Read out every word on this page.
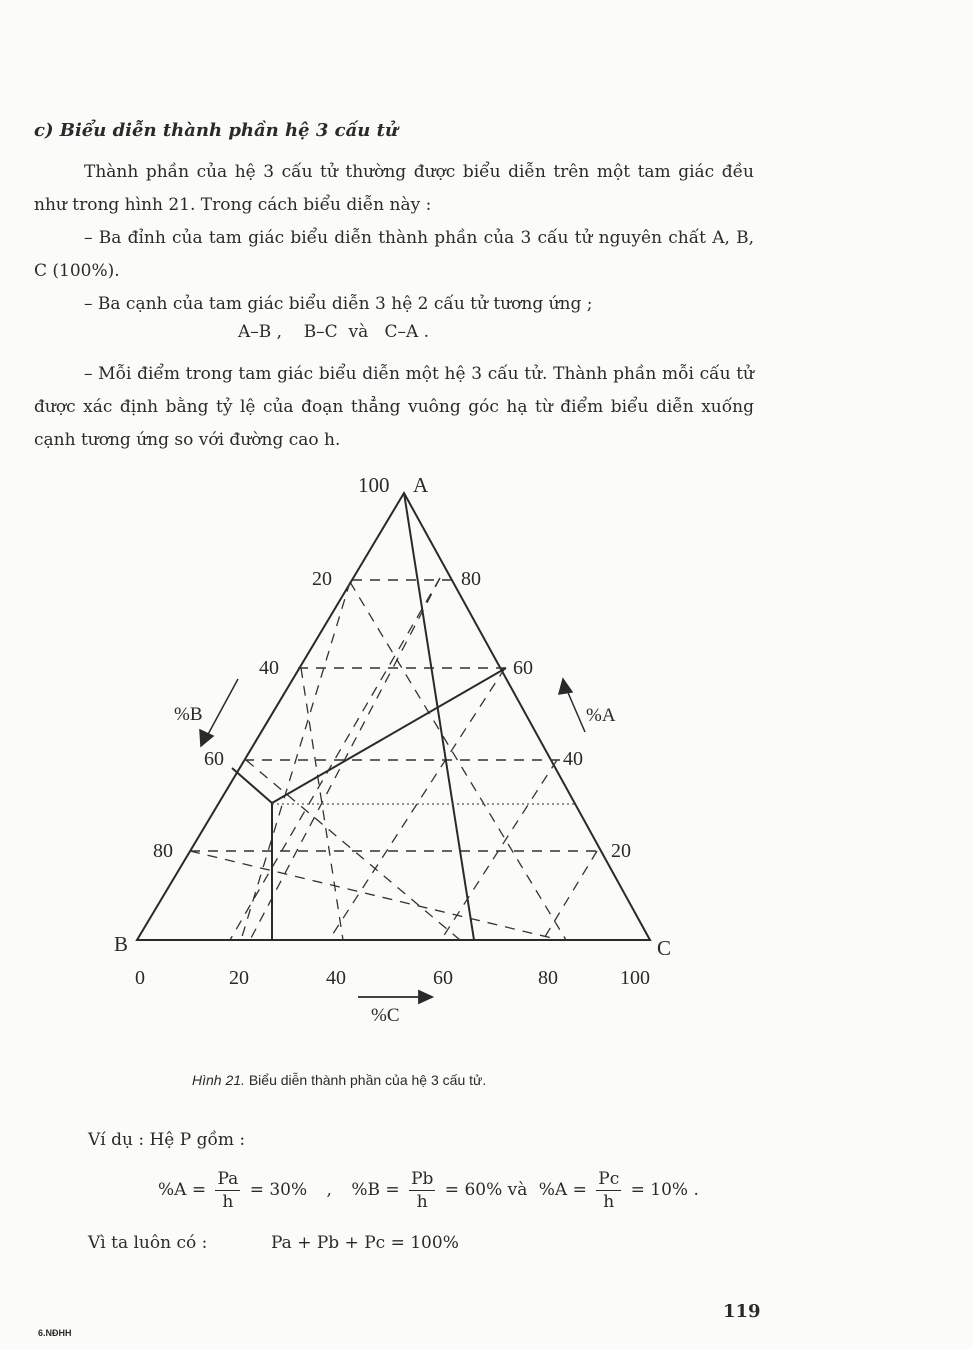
c) Biểu diễn thành phần hệ 3 cấu tử
Thành phần của hệ 3 cấu tử thường được biểu diễn trên một tam giác đều như trong hình 21. Trong cách biểu diễn này :
– Ba đỉnh của tam giác biểu diễn thành phần của 3 cấu tử nguyên chất A, B, C (100%).
– Ba cạnh của tam giác biểu diễn 3 hệ 2 cấu tử tương ứng ;
A–B ,    B–C  và   C–A .
– Mỗi điểm trong tam giác biểu diễn một hệ 3 cấu tử. Thành phần mỗi cấu tử được xác định bằng tỷ lệ của đoạn thẳng vuông góc hạ từ điểm biểu diễn xuống cạnh tương ứng so với đường cao h.
100 A
B	C
20
40
60
80
80
60
40
20
0	20	40	60	80	100
%B	%A
%C
Hình 21. Biểu diễn thành phần của hệ 3 cấu tử.
Ví dụ : Hệ P gồm :
$\%A = \frac{Pa}{h} = 30\%$ , $\%B = \frac{Pb}{h} = 60\%$ và $\%A = \frac{Pc}{h} = 10\%$ .
Vì ta luôn có :	Pa + Pb + Pc = 100%
119
6.NĐHH
